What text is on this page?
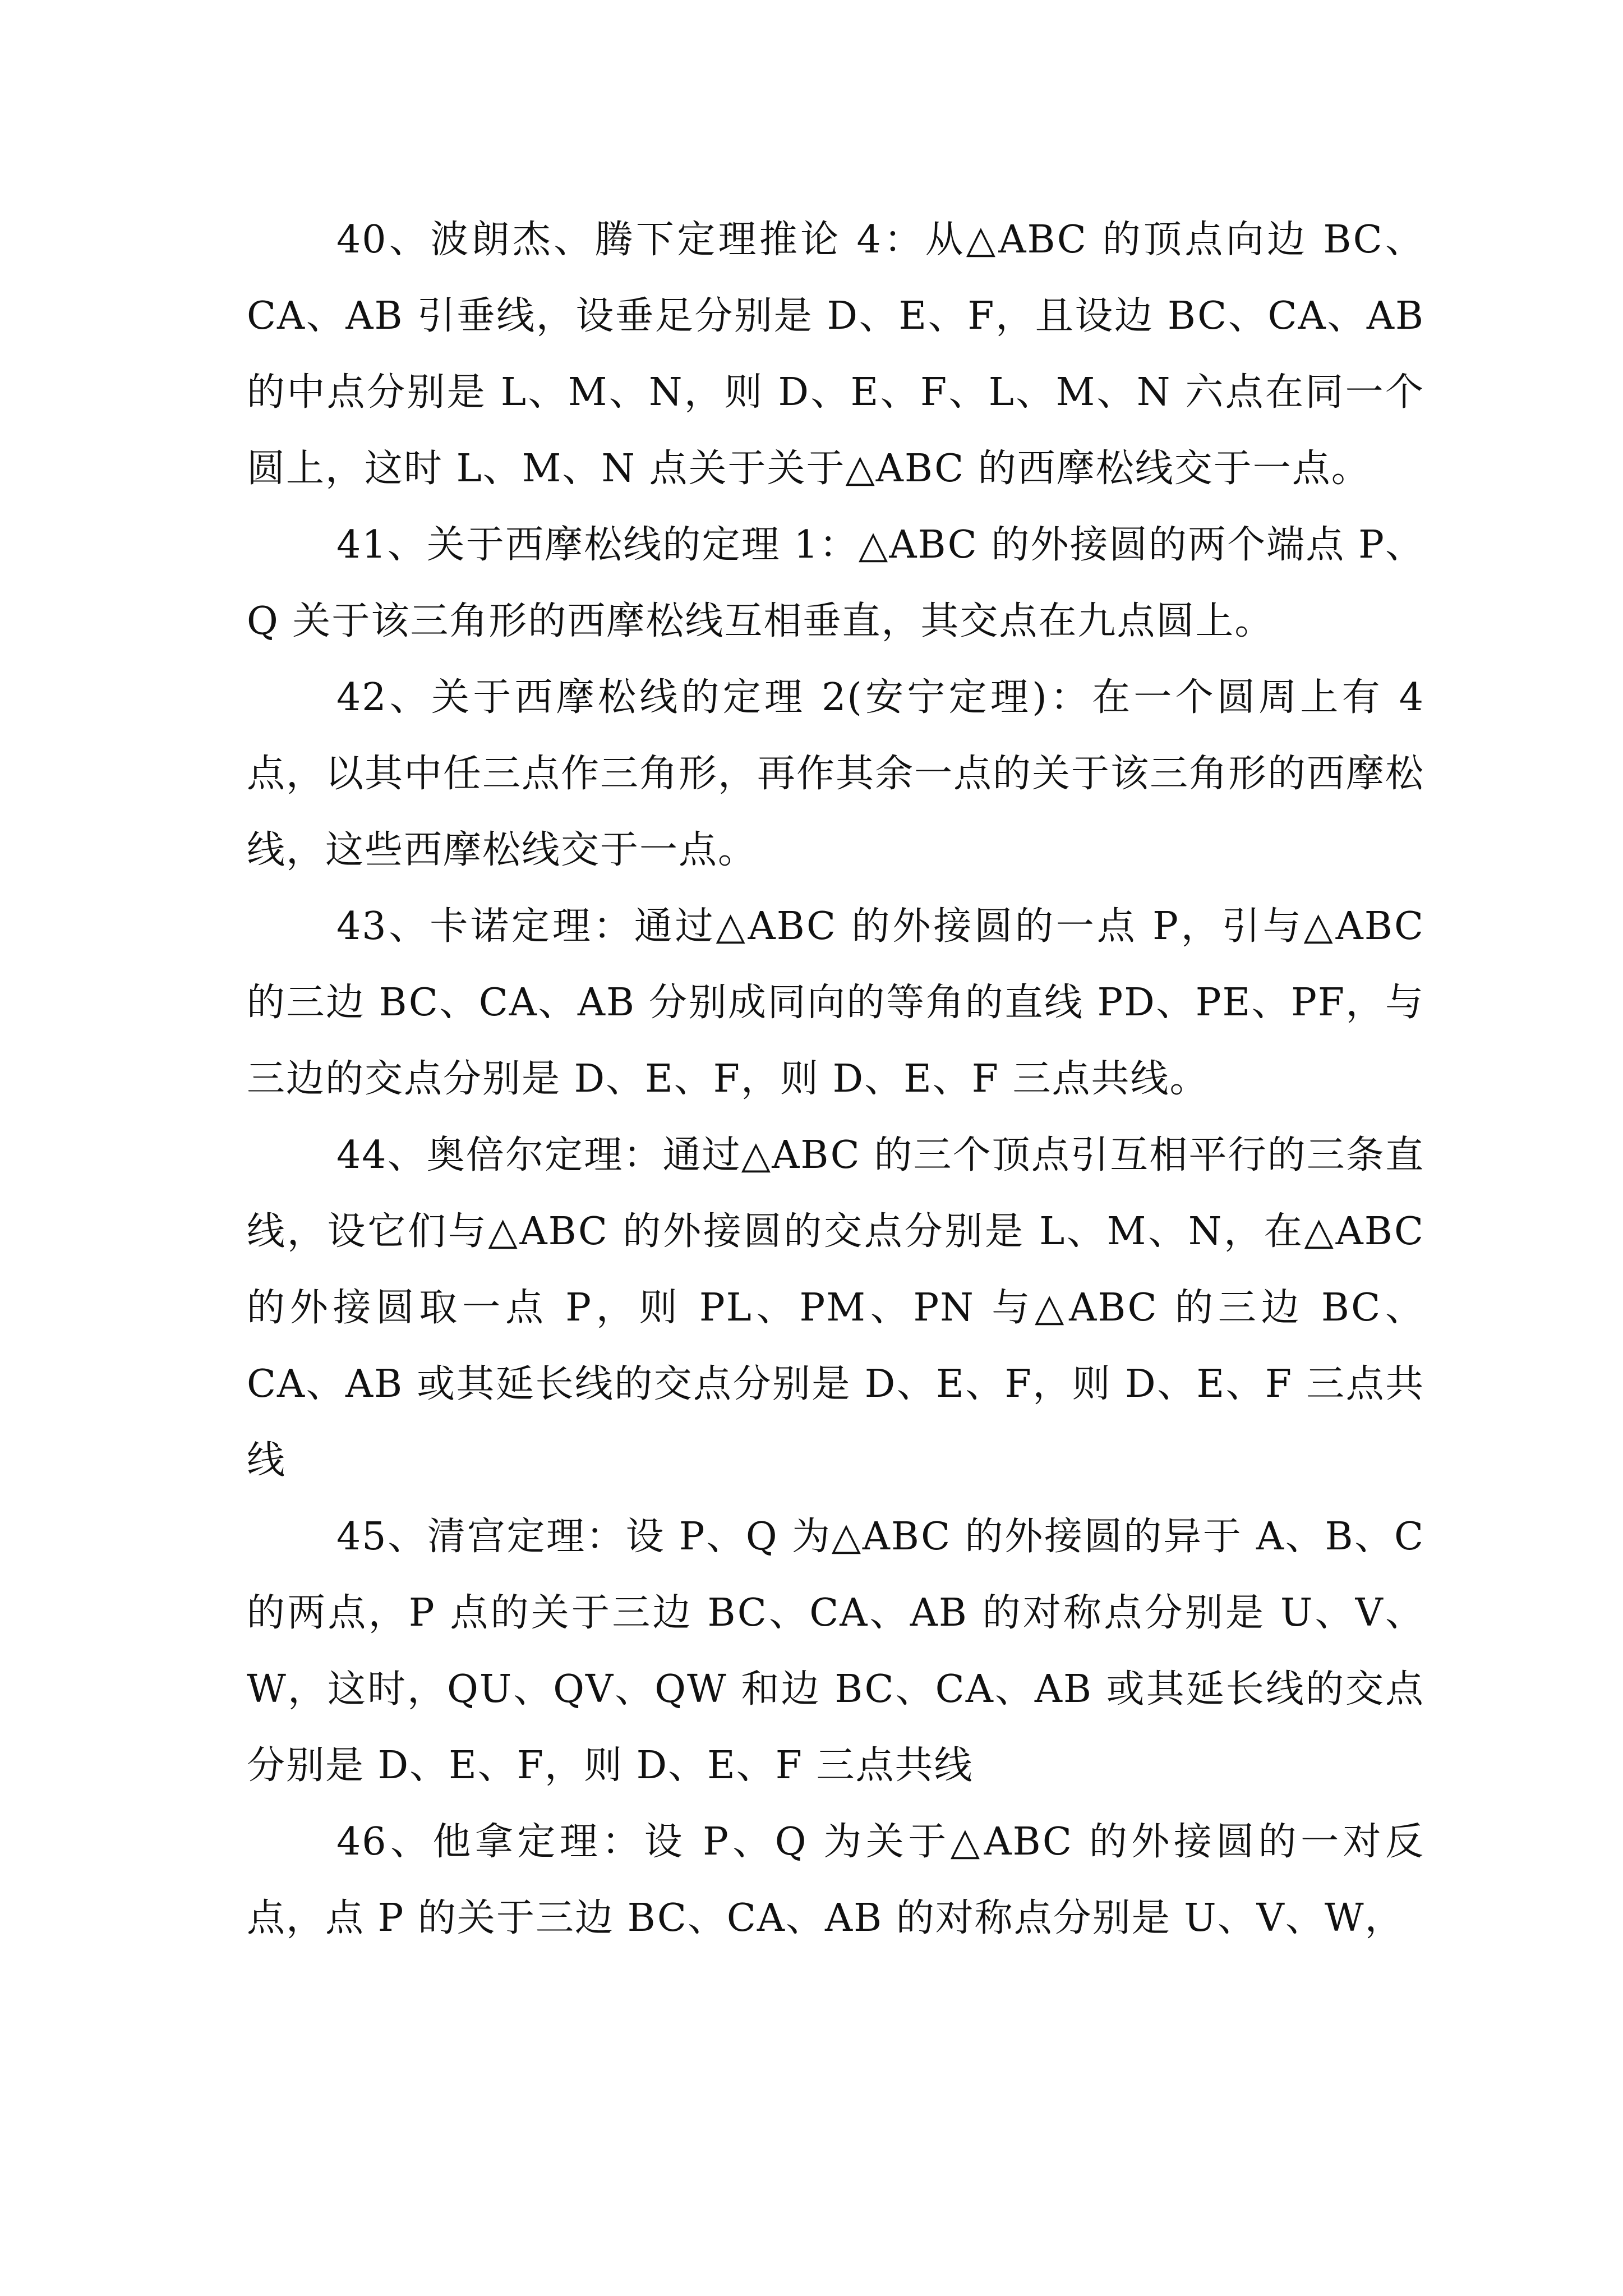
40、波朗杰、腾下定理推论 4：从△ABC 的顶点向边 BC、CA、AB 引垂线，设垂足分别是 D、E、F，且设边 BC、CA、AB 的中点分别是 L、M、N，则 D、E、F、L、M、N 六点在同一个圆上，这时 L、M、N 点关于关于△ABC 的西摩松线交于一点。

41、关于西摩松线的定理 1：△ABC 的外接圆的两个端点 P、Q 关于该三角形的西摩松线互相垂直，其交点在九点圆上。

42、关于西摩松线的定理 2(安宁定理)：在一个圆周上有 4 点，以其中任三点作三角形，再作其余一点的关于该三角形的西摩松线，这些西摩松线交于一点。

43、卡诺定理：通过△ABC 的外接圆的一点 P，引与△ABC 的三边 BC、CA、AB 分别成同向的等角的直线 PD、PE、PF，与三边的交点分别是 D、E、F，则 D、E、F 三点共线。

44、奥倍尔定理：通过△ABC 的三个顶点引互相平行的三条直线，设它们与△ABC 的外接圆的交点分别是 L、M、N，在△ABC 的外接圆取一点 P，则 PL、PM、PN 与△ABC 的三边 BC、CA、AB 或其延长线的交点分别是 D、E、F，则 D、E、F 三点共线

45、清宫定理：设 P、Q 为△ABC 的外接圆的异于 A、B、C 的两点，P 点的关于三边 BC、CA、AB 的对称点分别是 U、V、W，这时，QU、QV、QW 和边 BC、CA、AB 或其延长线的交点分别是 D、E、F，则 D、E、F 三点共线

46、他拿定理：设 P、Q 为关于△ABC 的外接圆的一对反点，点 P 的关于三边 BC、CA、AB 的对称点分别是 U、V、W，
